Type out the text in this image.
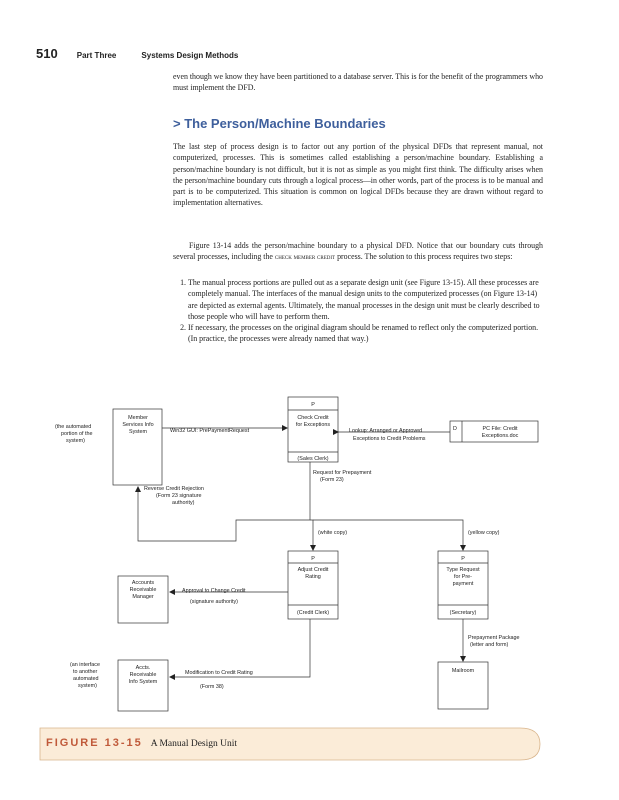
510 Part Three	Systems Design Methods
even though we know they have been partitioned to a database server. This is for the benefit of the programmers who must implement the DFD.
> The Person/Machine Boundaries
The last step of process design is to factor out any portion of the physical DFDs that represent manual, not computerized, processes. This is sometimes called establishing a person/machine boundary. Establishing a person/machine boundary is not difficult, but it is not as simple as you might first think. The difficulty arises when the person/machine boundary cuts through a logical process—in other words, part of the process is to be manual and part is to be computerized. This situation is common on logical DFDs because they are drawn without regard to implementation alternatives.
Figure 13-14 adds the person/machine boundary to a physical DFD. Notice that our boundary cuts through several processes, including the check member credit process. The solution to this process requires two steps:
1. The manual process portions are pulled out as a separate design unit (see Figure 13-15). All these processes are completely manual. The interfaces of the manual design units to the computerized processes (on Figure 13-14) are depicted as external agents. Ultimately, the manual processes in the design unit must be clearly described to those people who will have to perform them.
2. If necessary, the processes on the original diagram should be renamed to reflect only the computerized portion. (In practice, the processes were already named that way.)
(the automated
portion of the
system)
Member
Services Info
System	Win32 GUI: PrePaymentRequest
P
Check Credit
for Exceptions
(Sales Clerk)
Lookup: Arranged or Approved
Exceptions to Credit Problems
D	PC File: Credit
Exceptions.doc
Request for Prepayment
(Form 23)
Reverse Credit Rejection
(Form 23 signature
authority)
(white copy)	(yellow copy)
P
Adjust Credit
Rating
(Credit Clerk)
P
Type Request
for Pre-
payment
(Secretary)
Accounts
Receivable
Manager
Approval to Change Credit
(signature authority)
Prepayment Package
(letter and form)
(an interface
to another
automated
system)
Accts.
Receivable
Info System
Modification to Credit Rating
(Form 38)
Mailroom
FIGURE 13-15 A Manual Design Unit
